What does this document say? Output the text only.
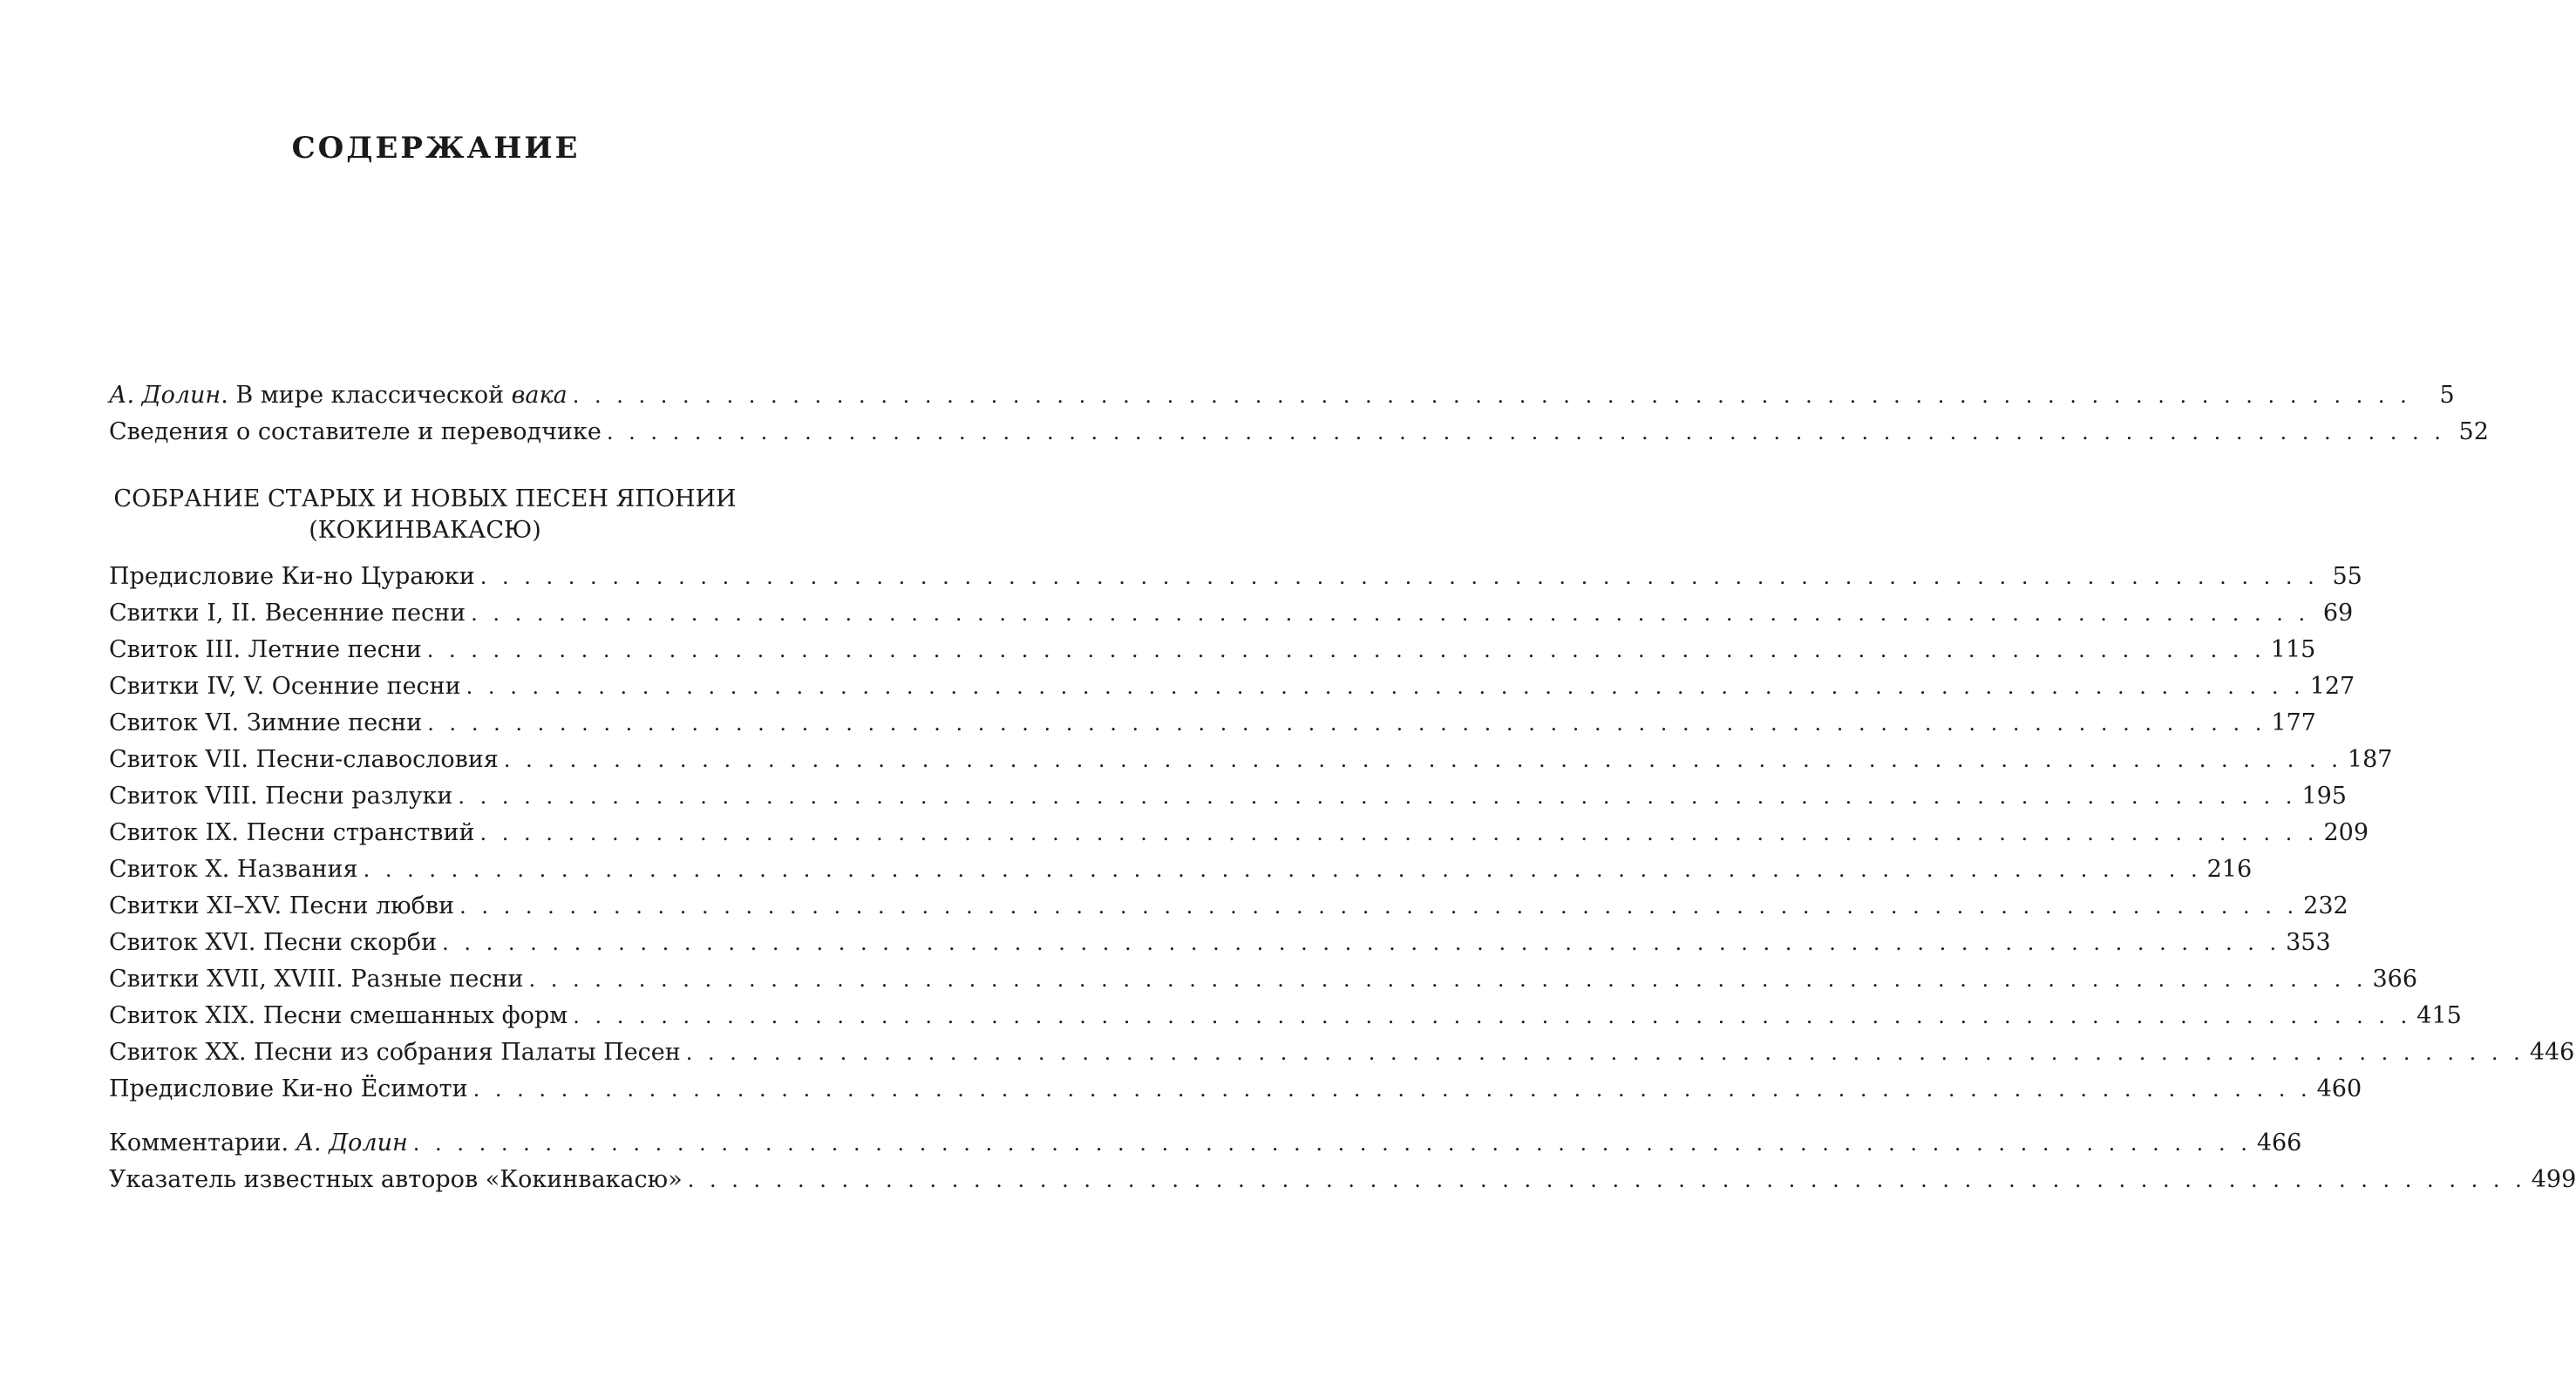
СОДЕРЖАНИЕ
А. Долин. В мире классической вака . . . . . . . . . . . . . . . . . . . . . . . . . . . . . . . . . . . . . . . . . . . . . . . . . . . . . . . . . . . . . . . . . . . . . . . . . . . . . . . . . . . .	5
Сведения о составителе и переводчике . . . . . . . . . . . . . . . . . . . . . . . . . . . . . . . . . . . . . . . . . . . . . . . . . . . . . . . . . . . . . . . . . . . . . . . . . . . . . . . . . . . . 52
СОБРАНИЕ СТАРЫХ И НОВЫХ ПЕСЕН ЯПОНИИ
(КОКИНВАКАСЮ)
Предисловие Ки-но Цураюки . . . . . . . . . . . . . . . . . . . . . . . . . . . . . . . . . . . . . . . . . . . . . . . . . . . . . . . . . . . . . . . . . . . . . . . . . . . . . . . . . . . . 55
Свитки I, II. Весенние песни . . . . . . . . . . . . . . . . . . . . . . . . . . . . . . . . . . . . . . . . . . . . . . . . . . . . . . . . . . . . . . . . . . . . . . . . . . . . . . . . . . . . 69
Свиток III. Летние песни . . . . . . . . . . . . . . . . . . . . . . . . . . . . . . . . . . . . . . . . . . . . . . . . . . . . . . . . . . . . . . . . . . . . . . . . . . . . . . . . . . . . 115
Свитки IV, V. Осенние песни . . . . . . . . . . . . . . . . . . . . . . . . . . . . . . . . . . . . . . . . . . . . . . . . . . . . . . . . . . . . . . . . . . . . . . . . . . . . . . . . . . . . 127
Свиток VI. Зимние песни . . . . . . . . . . . . . . . . . . . . . . . . . . . . . . . . . . . . . . . . . . . . . . . . . . . . . . . . . . . . . . . . . . . . . . . . . . . . . . . . . . . . 177
Свиток VII. Песни-славословия . . . . . . . . . . . . . . . . . . . . . . . . . . . . . . . . . . . . . . . . . . . . . . . . . . . . . . . . . . . . . . . . . . . . . . . . . . . . . . . . . . . . 187
Свиток VIII. Песни разлуки . . . . . . . . . . . . . . . . . . . . . . . . . . . . . . . . . . . . . . . . . . . . . . . . . . . . . . . . . . . . . . . . . . . . . . . . . . . . . . . . . . . . 195
Свиток IX. Песни странствий . . . . . . . . . . . . . . . . . . . . . . . . . . . . . . . . . . . . . . . . . . . . . . . . . . . . . . . . . . . . . . . . . . . . . . . . . . . . . . . . . . . . 209
Свиток X. Названия . . . . . . . . . . . . . . . . . . . . . . . . . . . . . . . . . . . . . . . . . . . . . . . . . . . . . . . . . . . . . . . . . . . . . . . . . . . . . . . . . . . . 216
Свитки XI–XV. Песни любви . . . . . . . . . . . . . . . . . . . . . . . . . . . . . . . . . . . . . . . . . . . . . . . . . . . . . . . . . . . . . . . . . . . . . . . . . . . . . . . . . . . . 232
Свиток XVI. Песни скорби . . . . . . . . . . . . . . . . . . . . . . . . . . . . . . . . . . . . . . . . . . . . . . . . . . . . . . . . . . . . . . . . . . . . . . . . . . . . . . . . . . . . 353
Свитки XVII, XVIII. Разные песни . . . . . . . . . . . . . . . . . . . . . . . . . . . . . . . . . . . . . . . . . . . . . . . . . . . . . . . . . . . . . . . . . . . . . . . . . . . . . . . . . . . . 366
Свиток XIX. Песни смешанных форм . . . . . . . . . . . . . . . . . . . . . . . . . . . . . . . . . . . . . . . . . . . . . . . . . . . . . . . . . . . . . . . . . . . . . . . . . . . . . . . . . . . . 415
Свиток XX. Песни из собрания Палаты Песен . . . . . . . . . . . . . . . . . . . . . . . . . . . . . . . . . . . . . . . . . . . . . . . . . . . . . . . . . . . . . . . . . . . . . . . . . . . . . . . . . . . . 446
Предисловие Ки-но Ёсимоти . . . . . . . . . . . . . . . . . . . . . . . . . . . . . . . . . . . . . . . . . . . . . . . . . . . . . . . . . . . . . . . . . . . . . . . . . . . . . . . . . . . . 460
Комментарии. А. Долин . . . . . . . . . . . . . . . . . . . . . . . . . . . . . . . . . . . . . . . . . . . . . . . . . . . . . . . . . . . . . . . . . . . . . . . . . . . . . . . . . . . . 466
Указатель известных авторов «Кокинвакасю» . . . . . . . . . . . . . . . . . . . . . . . . . . . . . . . . . . . . . . . . . . . . . . . . . . . . . . . . . . . . . . . . . . . . . . . . . . . . . . . . . . . . 499
